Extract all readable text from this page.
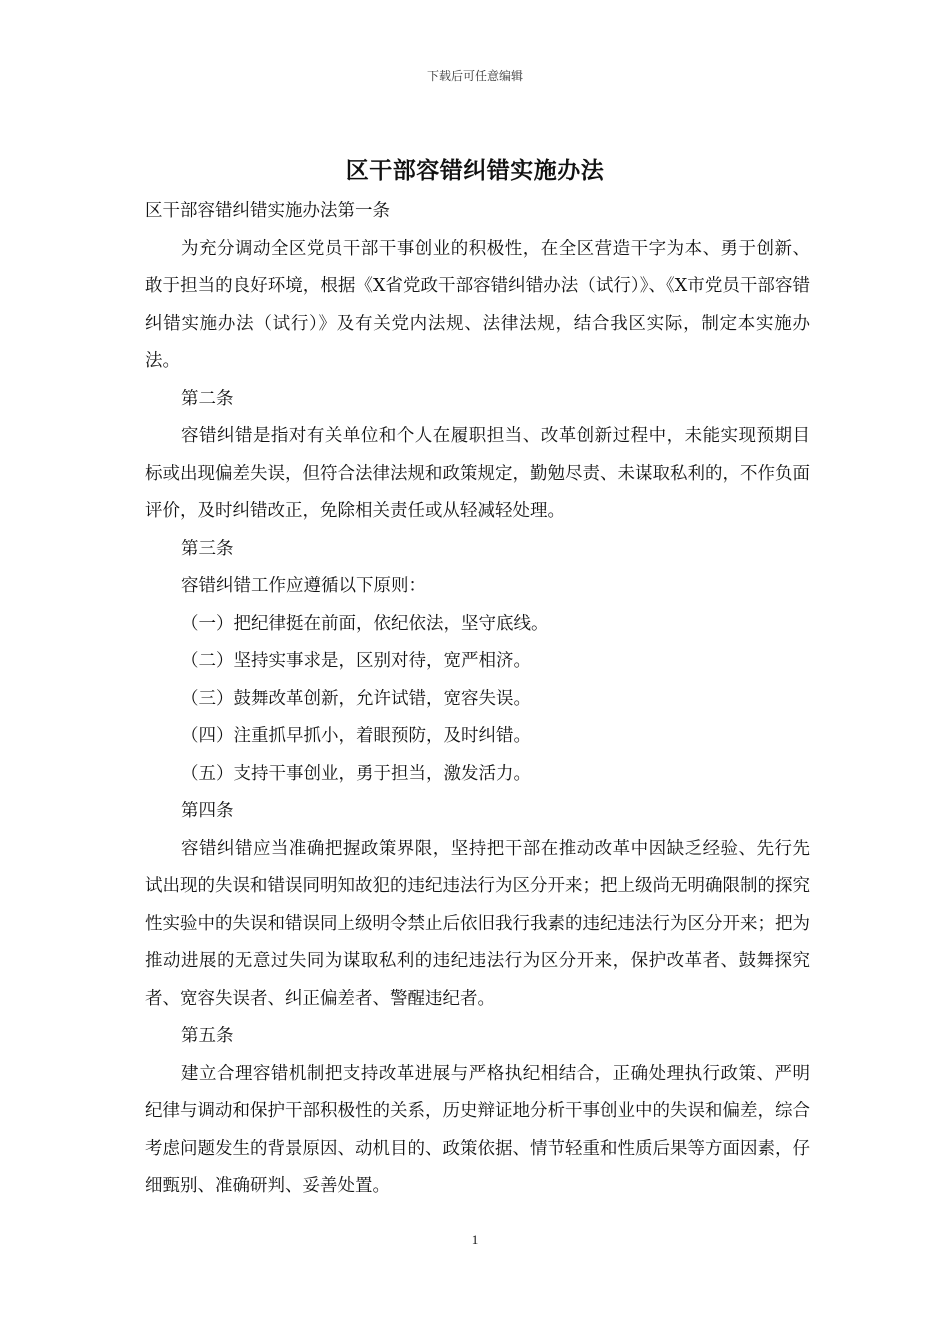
下载后可任意编辑
区干部容错纠错实施办法

区干部容错纠错实施办法第一条

为充分调动全区党员干部干事创业的积极性，在全区营造干字为本、勇于创新、敢于担当的良好环境，根据《X省党政干部容错纠错办法（试行）》、《X市党员干部容错纠错实施办法（试行）》及有关党内法规、法律法规，结合我区实际，制定本实施办法。

第二条

容错纠错是指对有关单位和个人在履职担当、改革创新过程中，未能实现预期目标或出现偏差失误，但符合法律法规和政策规定，勤勉尽责、未谋取私利的，不作负面评价，及时纠错改正，免除相关责任或从轻减轻处理。

第三条

容错纠错工作应遵循以下原则：

（一）把纪律挺在前面，依纪依法，坚守底线。

（二）坚持实事求是，区别对待，宽严相济。

（三）鼓舞改革创新，允许试错，宽容失误。

（四）注重抓早抓小，着眼预防，及时纠错。

（五）支持干事创业，勇于担当，激发活力。

第四条

容错纠错应当准确把握政策界限，坚持把干部在推动改革中因缺乏经验、先行先试出现的失误和错误同明知故犯的违纪违法行为区分开来；把上级尚无明确限制的探究性实验中的失误和错误同上级明令禁止后依旧我行我素的违纪违法行为区分开来；把为推动进展的无意过失同为谋取私利的违纪违法行为区分开来，保护改革者、鼓舞探究者、宽容失误者、纠正偏差者、警醒违纪者。

第五条

建立合理容错机制把支持改革进展与严格执纪相结合，正确处理执行政策、严明纪律与调动和保护干部积极性的关系，历史辩证地分析干事创业中的失误和偏差，综合考虑问题发生的背景原因、动机目的、政策依据、情节轻重和性质后果等方面因素，仔细甄别、准确研判、妥善处置。

1
